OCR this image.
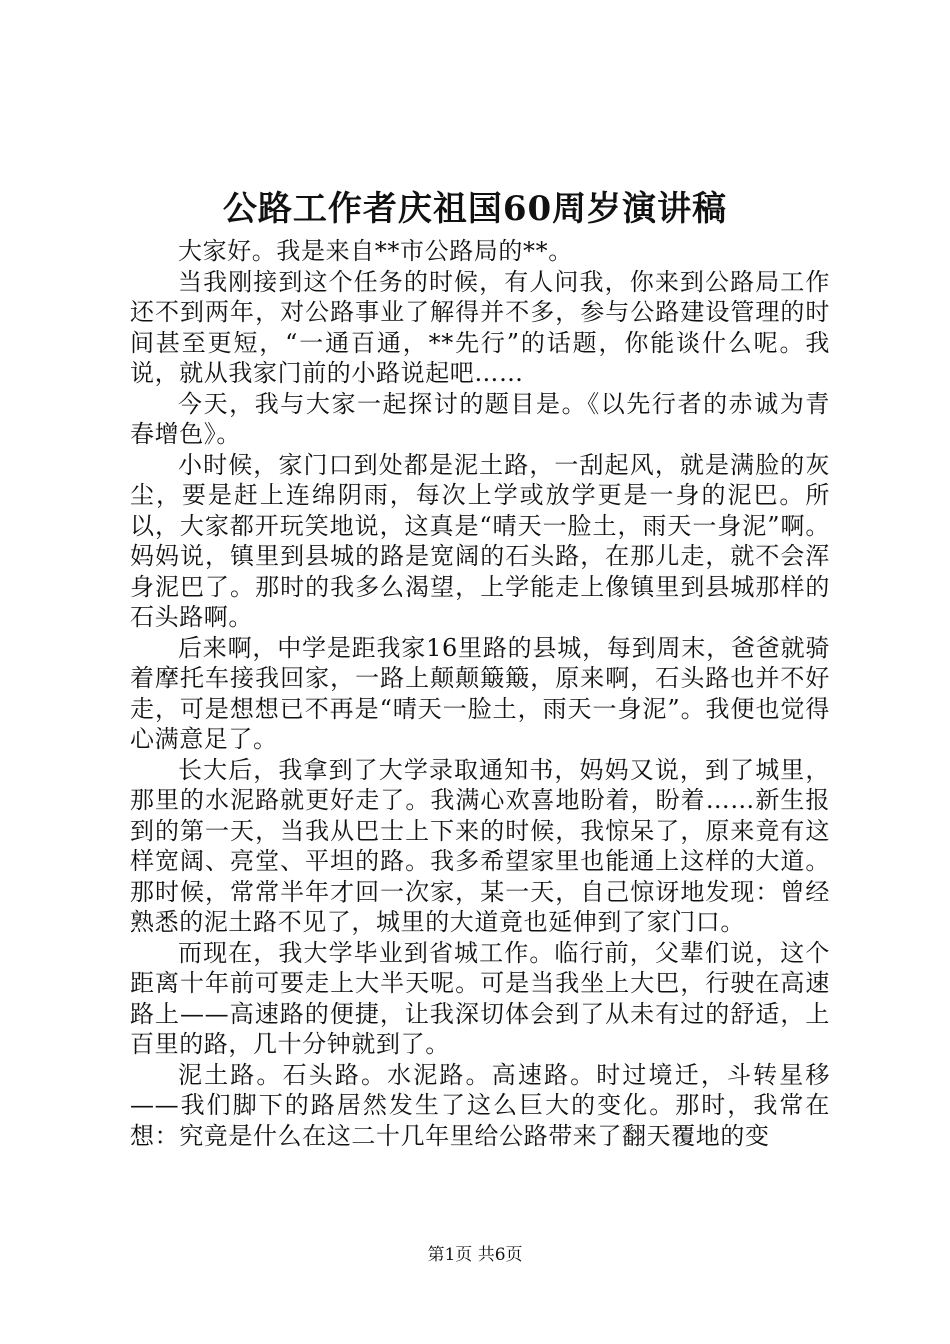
公路工作者庆祖国60周岁演讲稿

大家好。我是来自**市公路局的**。

当我刚接到这个任务的时候，有人问我，你来到公路局工作还不到两年，对公路事业了解得并不多，参与公路建设管理的时间甚至更短，“一通百通，**先行”的话题，你能谈什么呢。我说，就从我家门前的小路说起吧……

今天，我与大家一起探讨的题目是。《以先行者的赤诚为青春增色》。

小时候，家门口到处都是泥土路，一刮起风，就是满脸的灰尘，要是赶上连绵阴雨，每次上学或放学更是一身的泥巴。所以，大家都开玩笑地说，这真是“晴天一脸土，雨天一身泥”啊。妈妈说，镇里到县城的路是宽阔的石头路，在那儿走，就不会浑身泥巴了。那时的我多么渴望，上学能走上像镇里到县城那样的石头路啊。

后来啊，中学是距我家16里路的县城，每到周末，爸爸就骑着摩托车接我回家，一路上颠颠簸簸，原来啊，石头路也并不好走，可是想想已不再是“晴天一脸土，雨天一身泥”。我便也觉得心满意足了。

长大后，我拿到了大学录取通知书，妈妈又说，到了城里，那里的水泥路就更好走了。我满心欢喜地盼着，盼着……新生报到的第一天，当我从巴士上下来的时候，我惊呆了，原来竟有这样宽阔、亮堂、平坦的路。我多希望家里也能通上这样的大道。那时候，常常半年才回一次家，某一天，自己惊讶地发现：曾经熟悉的泥土路不见了，城里的大道竟也延伸到了家门口。

而现在，我大学毕业到省城工作。临行前，父辈们说，这个距离十年前可要走上大半天呢。可是当我坐上大巴，行驶在高速路上——高速路的便捷，让我深切体会到了从未有过的舒适，上百里的路，几十分钟就到了。

泥土路。石头路。水泥路。高速路。时过境迁，斗转星移——我们脚下的路居然发生了这么巨大的变化。那时，我常在想：究竟是什么在这二十几年里给公路带来了翻天覆地的变

第1页 共6页
